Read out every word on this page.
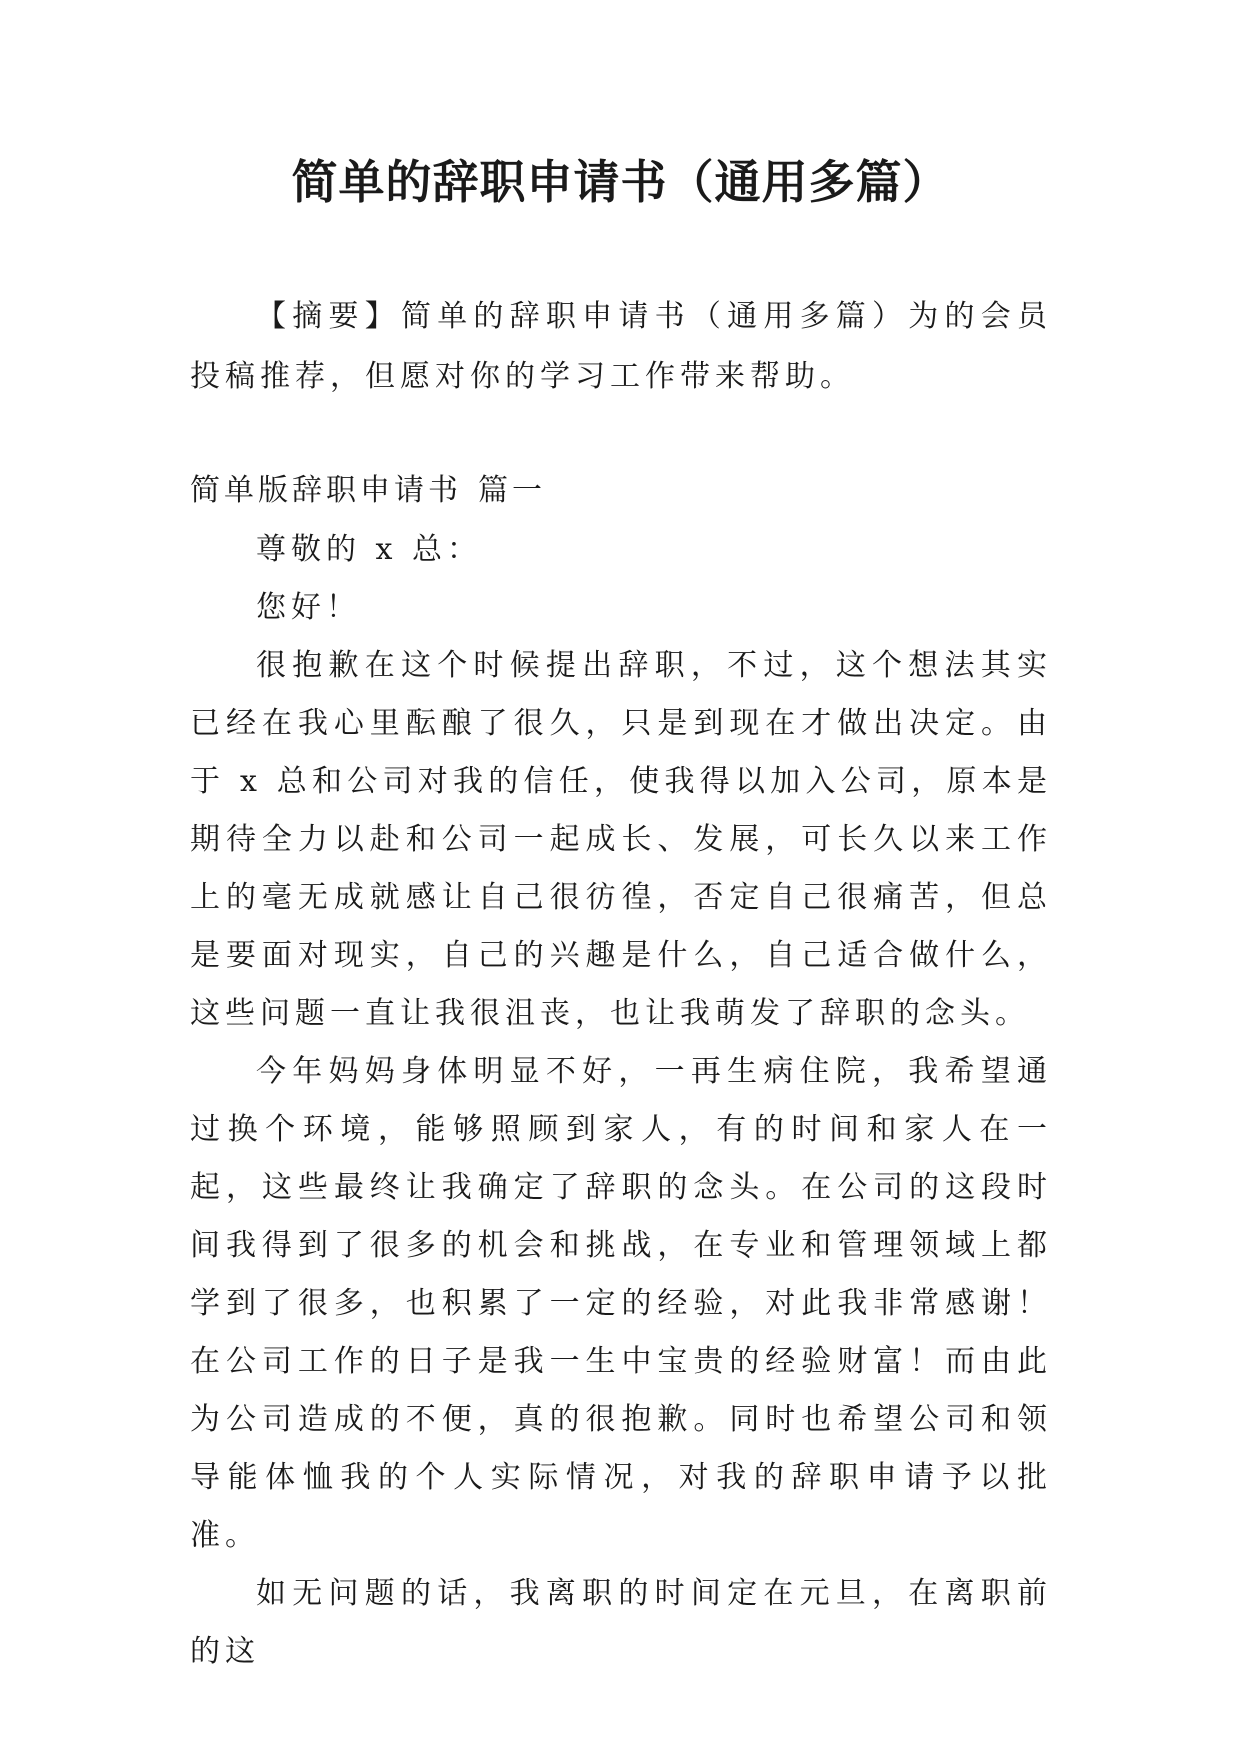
简单的辞职申请书（通用多篇）

【摘要】简单的辞职申请书（通用多篇）为的会员投稿推荐，但愿对你的学习工作带来帮助。

简单版辞职申请书 篇一

尊敬的 x 总：

您好！

很抱歉在这个时候提出辞职，不过，这个想法其实已经在我心里酝酿了很久，只是到现在才做出决定。由于 x 总和公司对我的信任，使我得以加入公司，原本是期待全力以赴和公司一起成长、发展，可长久以来工作上的毫无成就感让自己很彷徨，否定自己很痛苦，但总是要面对现实，自己的兴趣是什么，自己适合做什么，这些问题一直让我很沮丧，也让我萌发了辞职的念头。

今年妈妈身体明显不好，一再生病住院，我希望通过换个环境，能够照顾到家人，有的时间和家人在一起，这些最终让我确定了辞职的念头。在公司的这段时间我得到了很多的机会和挑战，在专业和管理领域上都学到了很多，也积累了一定的经验，对此我非常感谢！在公司工作的日子是我一生中宝贵的经验财富！而由此为公司造成的不便，真的很抱歉。同时也希望公司和领导能体恤我的个人实际情况，对我的辞职申请予以批准。

如无问题的话，我离职的时间定在元旦，在离职前的这
